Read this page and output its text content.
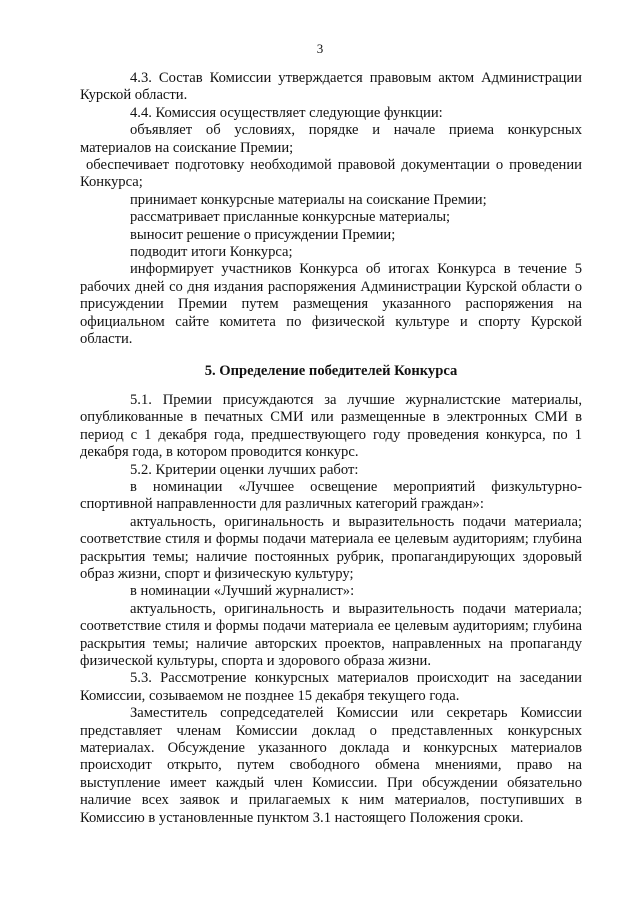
3

4.3. Состав Комиссии утверждается правовым актом Администрации Курской области.

4.4. Комиссия осуществляет следующие функции:

объявляет об условиях, порядке и начале приема конкурсных материалов на соискание Премии;

обеспечивает подготовку необходимой правовой документации о проведении Конкурса;

принимает конкурсные материалы на соискание Премии;

рассматривает присланные конкурсные материалы;

выносит решение о присуждении Премии;

подводит итоги Конкурса;

информирует участников Конкурса об итогах Конкурса в течение 5 рабочих дней со дня издания распоряжения Администрации Курской области о присуждении Премии путем размещения указанного распоряжения на официальном сайте комитета по физической культуре и спорту Курской области.

5. Определение победителей Конкурса

5.1. Премии присуждаются за лучшие журналистские материалы, опубликованные в печатных СМИ или размещенные в электронных СМИ в период с 1 декабря года, предшествующего году проведения конкурса, по 1 декабря года, в котором проводится конкурс.

5.2. Критерии оценки лучших работ:

в номинации «Лучшее освещение мероприятий физкультурно-спортивной направленности для различных категорий граждан»:

актуальность, оригинальность и выразительность подачи материала; соответствие стиля и формы подачи материала ее целевым аудиториям; глубина раскрытия темы; наличие постоянных рубрик, пропагандирующих здоровый образ жизни, спорт и физическую культуру;

в номинации «Лучший журналист»:

актуальность, оригинальность и выразительность подачи материала; соответствие стиля и формы подачи материала ее целевым аудиториям; глубина раскрытия темы; наличие авторских проектов, направленных на пропаганду физической культуры, спорта и здорового образа жизни.

5.3. Рассмотрение конкурсных материалов происходит на заседании Комиссии, созываемом не позднее 15 декабря текущего года.

Заместитель сопредседателей Комиссии или секретарь Комиссии представляет членам Комиссии доклад о представленных конкурсных материалах. Обсуждение указанного доклада и конкурсных материалов происходит открыто, путем свободного обмена мнениями, право на выступление имеет каждый член Комиссии. При обсуждении обязательно наличие всех заявок и прилагаемых к ним материалов, поступивших в Комиссию в установленные пунктом 3.1 настоящего Положения сроки.
